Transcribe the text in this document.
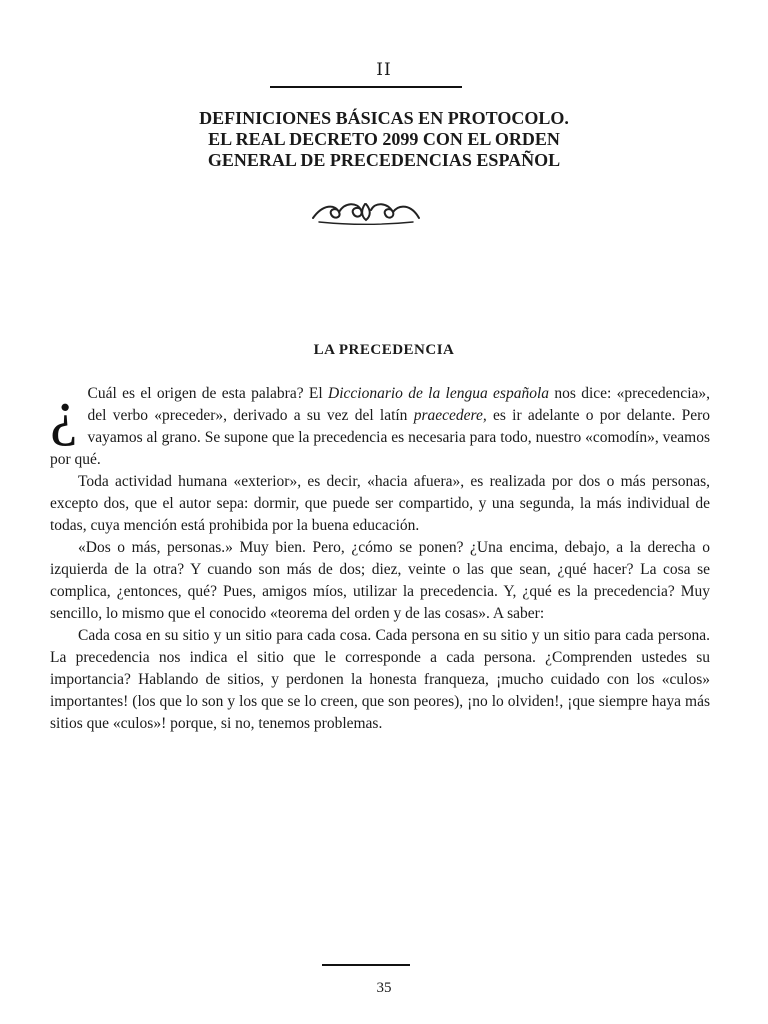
II
DEFINICIONES BÁSICAS EN PROTOCOLO.
EL REAL DECRETO 2099 CON EL ORDEN
GENERAL DE PRECEDENCIAS ESPAÑOL
LA PRECEDENCIA

¿ Cuál es el origen de esta palabra? El Diccionario de la lengua española nos dice: «precedencia», del verbo «preceder», derivado a su vez del latín praecedere, es ir adelante o por delante. Pero vayamos al grano. Se supone que la precedencia es necesaria para todo, nuestro «comodín», veamos por qué.

Toda actividad humana «exterior», es decir, «hacia afuera», es realizada por dos o más personas, excepto dos, que el autor sepa: dormir, que puede ser compartido, y una segunda, la más individual de todas, cuya mención está prohibida por la buena educación.

«Dos o más, personas.» Muy bien. Pero, ¿cómo se ponen? ¿Una encima, debajo, a la derecha o izquierda de la otra? Y cuando son más de dos; diez, veinte o las que sean, ¿qué hacer? La cosa se complica, ¿entonces, qué? Pues, amigos míos, utilizar la precedencia. Y, ¿qué es la precedencia? Muy sencillo, lo mismo que el conocido «teorema del orden y de las cosas». A saber:

Cada cosa en su sitio y un sitio para cada cosa. Cada persona en su sitio y un sitio para cada persona. La precedencia nos indica el sitio que le corresponde a cada persona. ¿Comprenden ustedes su importancia? Hablando de sitios, y perdonen la honesta franqueza, ¡mucho cuidado con los «culos» importantes! (los que lo son y los que se lo creen, que son peores), ¡no lo olviden!, ¡que siempre haya más sitios que «culos»! porque, si no, tenemos problemas.

35
